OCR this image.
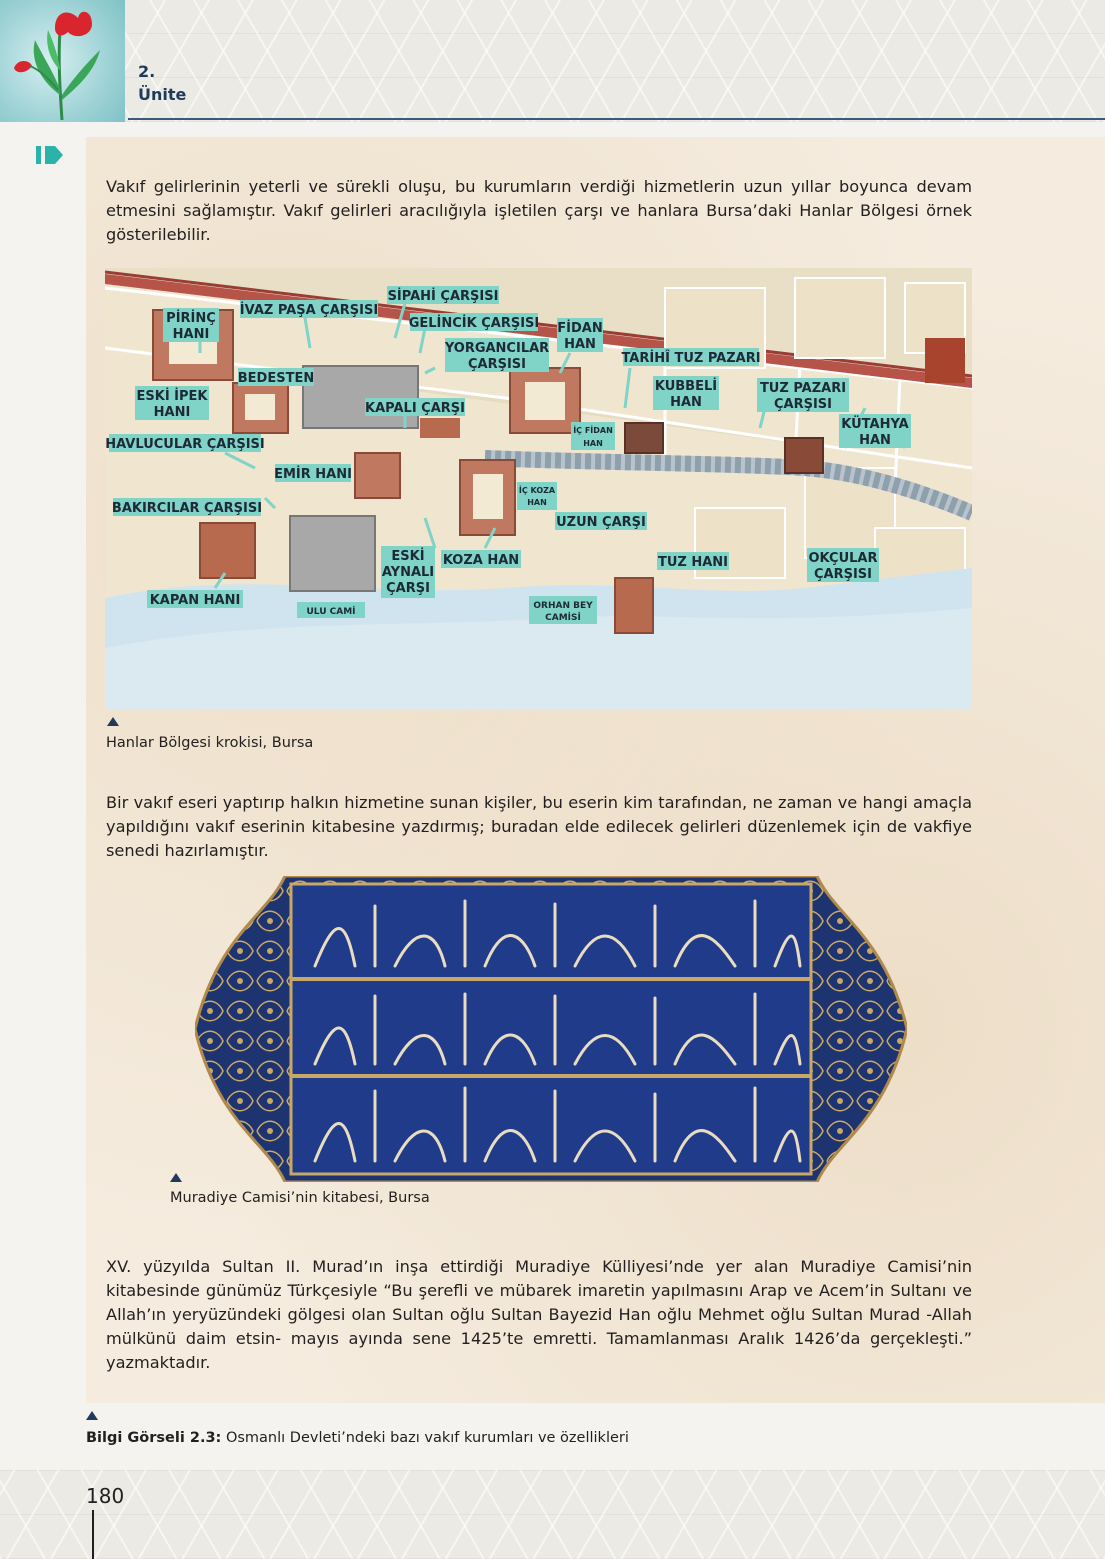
2.
Ünite

Vakıf gelirlerinin yeterli ve sürekli oluşu, bu kurumların verdiği hizmetlerin uzun yıllar boyunca devam etmesini sağlamıştır. Vakıf gelirleri aracılığıyla işletilen çarşı ve hanlara Bursa’daki Hanlar Bölgesi örnek gösterilebilir.

PİRİNÇ
HANI
İVAZ PAŞA ÇARŞISI
SİPAHİ ÇARŞISI
GELİNCİK ÇARŞISI
YORGANCILAR
ÇARŞISI
FİDAN
HAN
TARİHÎ TUZ PAZARI
BEDESTEN
ESKİ İPEK
HANI	KAPALI ÇARŞI
KUBBELİ
HAN
TUZ PAZARI
ÇARŞISI
KÜTAHYA
HAN
İÇ FİDAN
HAN
HAVLUCULAR ÇARŞISI
EMİR HANI
İÇ KOZA
HAN
BAKIRCILAR ÇARŞISI
UZUN ÇARŞI
ESKİ
AYNALI
ÇARŞI
KOZA HAN	TUZ HANI	OKÇULAR
ÇARŞISI
KAPAN HANI
ULU CAMİ
ORHAN BEY
CAMİSİ
Hanlar Bölgesi krokisi, Bursa

Bir vakıf eseri yaptırıp halkın hizmetine sunan kişiler, bu eserin kim tarafından, ne zaman ve hangi amaçla yapıldığını vakıf eserinin kitabesine yazdırmış; buradan elde edilecek gelirleri düzenlemek için de vakfiye senedi hazırlamıştır.

Muradiye Camisi’nin kitabesi, Bursa

XV. yüzyılda Sultan II. Murad’ın inşa ettirdiği Muradiye Külliyesi’nde yer alan Muradiye Camisi’nin kitabesinde günümüz Türkçesiyle “Bu şerefli ve mübarek imaretin yapılmasını Arap ve Acem’in Sultanı ve Allah’ın yeryüzündeki gölgesi olan Sultan oğlu Sultan Bayezid Han oğlu Mehmet oğlu Sultan Murad -Allah mülkünü daim etsin- mayıs ayında sene 1425’te emretti. Tamamlanması Aralık 1426’da gerçekleşti.” yazmaktadır.

Bilgi Görseli 2.3: Osmanlı Devleti’ndeki bazı vakıf kurumları ve özellikleri
180
